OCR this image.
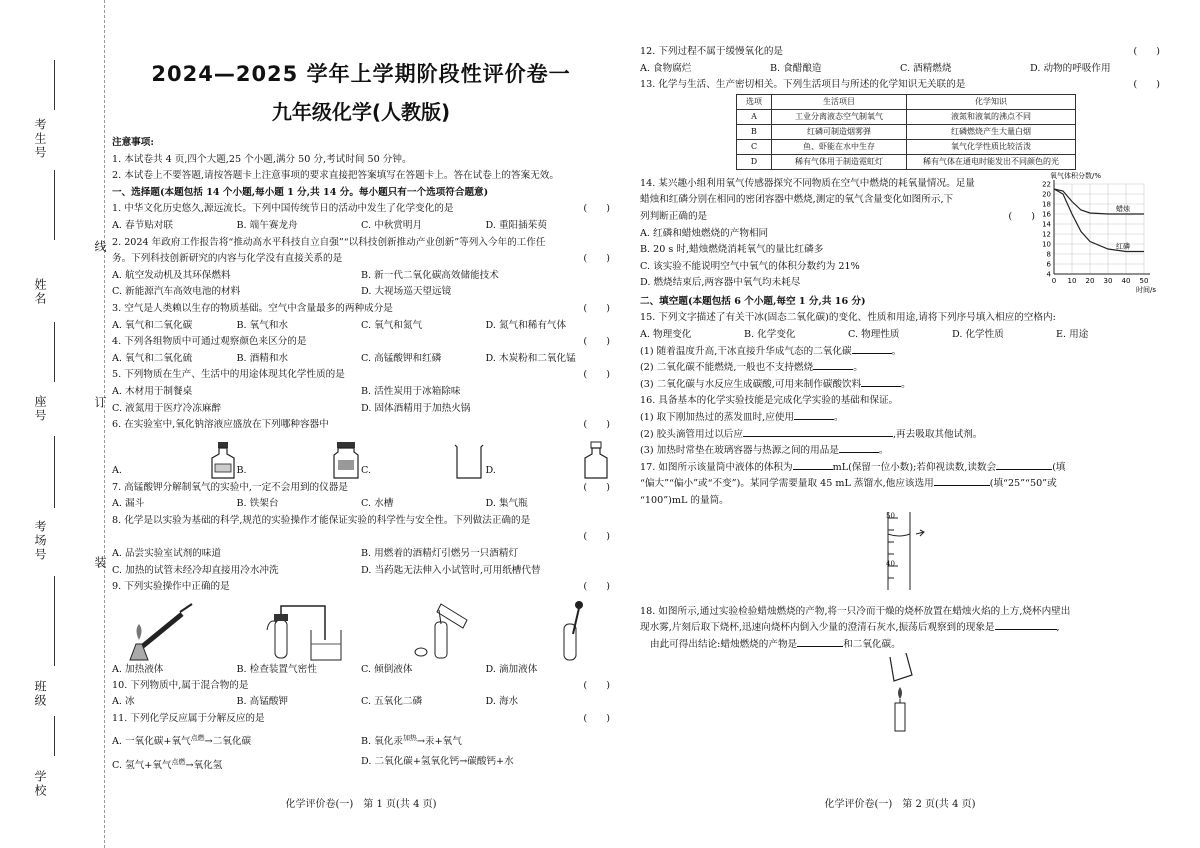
考生号
姓名
座号
考场号
班级
学校
线
订
装
2024—2025 学年上学期阶段性评价卷一
九年级化学(人教版)
注意事项:
1. 本试卷共 4 页,四个大题,25 个小题,满分 50 分,考试时间 50 分钟。
2. 本试卷上不要答题,请按答题卡上注意事项的要求直接把答案填写在答题卡上。答在试卷上的答案无效。
一、选择题(本题包括 14 个小题,每小题 1 分,共 14 分。每小题只有一个选项符合题意)
1. 中华文化历史悠久,源远流长。下列中国传统节日的活动中发生了化学变化的是	(　　)
A. 春节贴对联	B. 端午赛龙舟	C. 中秋赏明月	D. 重阳插茱萸
2. 2024 年政府工作报告将“推动高水平科技自立自强”“以科技创新推动产业创新”等列入今年的工作任
务。下列科技创新研究的内容与化学没有直接关系的是	(　　)
A. 航空发动机及其环保燃料	B. 新一代二氧化碳高效储能技术
C. 新能源汽车高效电池的材料	D. 大视场巡天望远镜
3. 空气是人类赖以生存的物质基础。空气中含量最多的两种成分是	(　　)
A. 氧气和二氧化碳	B. 氧气和水	C. 氧气和氮气	D. 氮气和稀有气体
4. 下列各组物质中可通过观察颜色来区分的是	(　　)
A. 氧气和二氧化硫	B. 酒精和水	C. 高锰酸钾和红磷	D. 木炭粉和二氧化锰
5. 下列物质在生产、生活中的用途体现其化学性质的是	(　　)
A. 木材用于制餐桌	B. 活性炭用于冰箱除味
C. 液氮用于医疗冷冻麻醉	D. 固体酒精用于加热火锅
6. 在实验室中,氧化钠溶液应盛放在下列哪种容器中	(　　)
A.	B.	C.	D.
7. 高锰酸钾分解制氧气的实验中,一定不会用到的仪器是	(　　)
A. 漏斗	B. 铁架台	C. 水槽	D. 集气瓶
8. 化学是以实验为基础的科学,规范的实验操作才能保证实验的科学性与安全性。下列做法正确的是
(　　)
A. 品尝实验室试剂的味道	B. 用燃着的酒精灯引燃另一只酒精灯
C. 加热的试管未经冷却直接用冷水冲洗	D. 当药匙无法伸入小试管时,可用纸槽代替
9. 下列实验操作中正确的是	(　　)
A. 加热液体	B. 检查装置气密性	C. 倾倒液体	D. 滴加液体
10. 下列物质中,属于混合物的是	(　　)
A. 冰	B. 高锰酸钾	C. 五氧化二磷	D. 海水
11. 下列化学反应属于分解反应的是	(　　)
A. 一氧化碳+氧气$^{点燃}$→二氧化碳	B. 氧化汞$^{加热}$→汞+氧气
C. 氢气+氧气$^{点燃}$→氧化氢	D. 二氧化碳+氢氧化钙→碳酸钙+水
化学评价卷(一)　第 1 页(共 4 页)
12. 下列过程不属于缓慢氧化的是	(　　)
A. 食物腐烂	B. 食醋酿造	C. 酒精燃烧	D. 动物的呼吸作用
13. 化学与生活、生产密切相关。下列生活项目与所述的化学知识无关联的是	(　　)
选项	生活项目	化学知识
A	工业分离液态空气制氧气	液氮和液氧的沸点不同
B	红磷可制造烟雾弹	红磷燃烧产生大量白烟
C	鱼、虾能在水中生存	氧气化学性质比较活泼
D	稀有气体用于制造霓虹灯	稀有气体在通电时能发出不同颜色的光
14. 某兴趣小组利用氧气传感器探究不同物质在空气中燃烧的耗氧量情况。足量
蜡烛和红磷分别在相同的密闭容器中燃烧,测定的氧气含量变化如图所示,下
列判断正确的是	(　　)
A. 红磷和蜡烛燃烧的产物相同
B. 20 s 时,蜡烛燃烧消耗氧气的量比红磷多
C. 该实验不能说明空气中氧气的体积分数约为 21%
D. 燃烧结束后,两容器中氧气均未耗尽
4
6
8
10
12
14
16
18
20
22
0 10 20 30 40 50
氧气体积分数/%
时间/s
蜡烛
红磷
二、填空题(本题包括 6 个小题,每空 1 分,共 16 分)
15. 下列文字描述了有关干冰(固态二氧化碳)的变化、性质和用途,请将下列序号填入相应的空格内:
A. 物理变化	B. 化学变化	C. 物理性质	D. 化学性质	E. 用途
(1) 随着温度升高,干冰直接升华成气态的二氧化碳	。
(2) 二氧化碳不能燃烧,一般也不支持燃烧	。
(3) 二氧化碳与水反应生成碳酸,可用来制作碳酸饮料	。
16. 具备基本的化学实验技能是完成化学实验的基础和保证。
(1) 取下刚加热过的蒸发皿时,应使用	。
(2) 胶头滴管用过以后应	,再去吸取其他试剂。
(3) 加热时常垫在玻璃容器与热源之间的用品是	。
17. 如图所示该量筒中液体的体积为	mL(保留一位小数);若仰视读数,读数会	(填
“偏大”“偏小”或“不变”)。某同学需要量取 45 mL 蒸馏水,他应该选用	(填“25”“50”或
“100”)mL 的量筒。
50
40
18. 如图所示,通过实验检验蜡烛燃烧的产物,将一只冷而干燥的烧杯放置在蜡烛火焰的上方,烧杯内壁出
现水雾,片刻后取下烧杯,迅速向烧杯内倒入少量的澄清石灰水,振荡后观察到的现象是	,
由此可得出结论:蜡烛燃烧的产物是	和二氧化碳。
化学评价卷(一)　第 2 页(共 4 页)
